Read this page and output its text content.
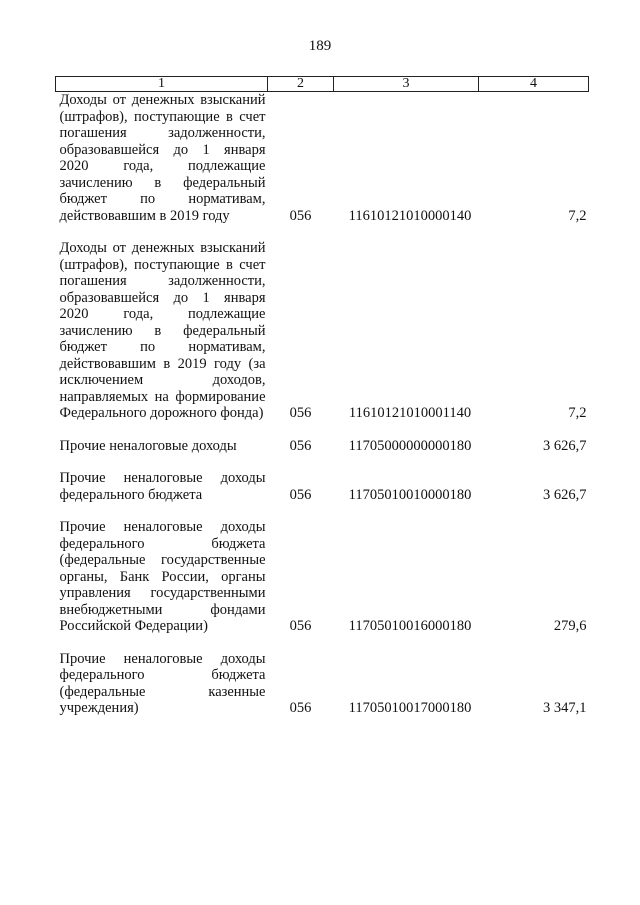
189
1	2	3	4
Доходы от денежных взысканий (штрафов), поступающие в счет погашения задолженности, образовавшейся до 1 января 2020 года, подлежащие зачислению в федеральный бюджет по нормативам, действовавшим в 2019 году	056	11610121010000140	7,2

Доходы от денежных взысканий (штрафов), поступающие в счет погашения задолженности, образовавшейся до 1 января 2020 года, подлежащие зачислению в федеральный бюджет по нормативам, действовавшим в 2019 году (за исключением доходов, направляемых на формирование Федерального дорожного фонда)	056	11610121010001140	7,2

Прочие неналоговые доходы	056	11705000000000180	3 626,7

Прочие неналоговые доходы федерального бюджета	056	11705010010000180	3 626,7

Прочие неналоговые доходы федерального бюджета (федеральные государственные органы, Банк России, органы управления государственными внебюджетными фондами Российской Федерации)	056	11705010016000180	279,6

Прочие неналоговые доходы федерального бюджета (федеральные казенные учреждения)	056	11705010017000180	3 347,1
